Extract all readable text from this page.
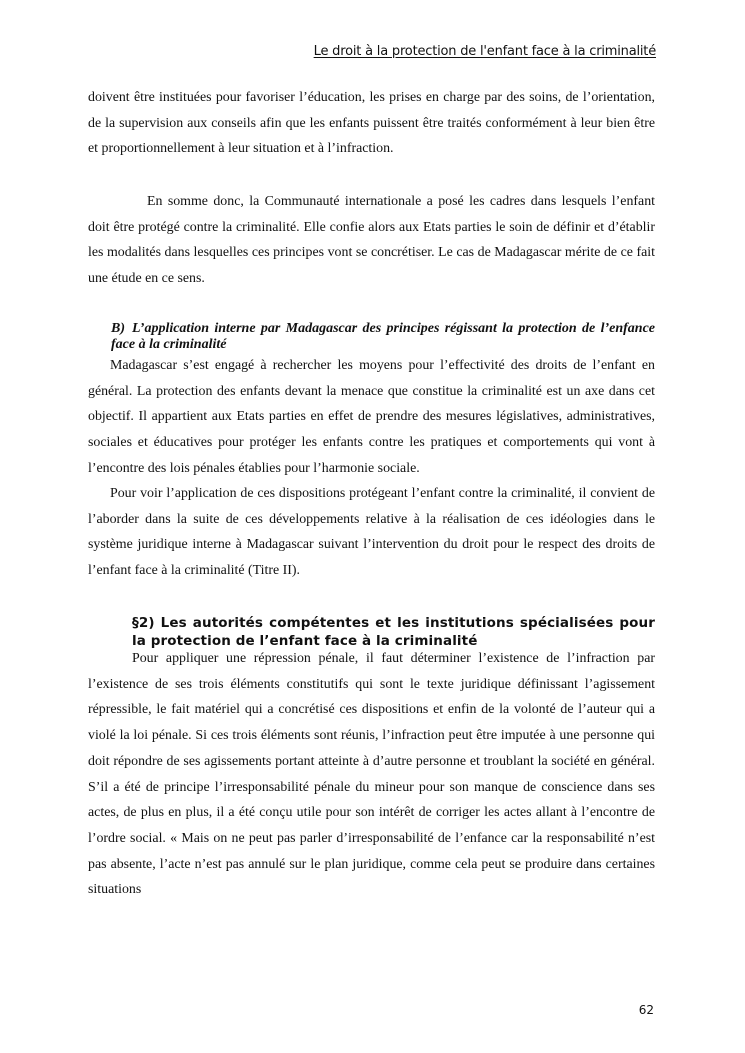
Le droit à la protection de l'enfant face à la criminalité

doivent être instituées pour favoriser l’éducation, les prises en charge par des soins, de l’orientation, de la supervision aux conseils afin que les enfants puissent être traités conformément à leur bien être et proportionnellement à leur situation et à l’infraction.

En somme donc, la Communauté internationale a posé les cadres dans lesquels l’enfant doit être protégé contre la criminalité. Elle confie alors aux Etats parties le soin de définir et d’établir les modalités dans lesquelles ces principes vont se concrétiser. Le cas de Madagascar mérite de ce fait une étude en ce sens.

B) L’application interne par Madagascar des principes régissant la protection de l’enfance face à la criminalité

Madagascar s’est engagé à rechercher les moyens pour l’effectivité des droits de l’enfant en général. La protection des enfants devant la menace que constitue la criminalité est un axe dans cet objectif. Il appartient aux Etats parties en effet de prendre des mesures législatives, administratives, sociales et éducatives pour protéger les enfants contre les pratiques et comportements qui vont à l’encontre des lois pénales établies pour l’harmonie sociale.

Pour voir l’application de ces dispositions protégeant l’enfant contre la criminalité, il convient de l’aborder dans la suite de ces développements relative à la réalisation de ces idéologies dans le système juridique interne à Madagascar suivant l’intervention du droit pour le respect des droits de l’enfant face à la criminalité (Titre II).

§2) Les autorités compétentes et les institutions spécialisées pour la protection de l’enfant face à la criminalité

Pour appliquer une répression pénale, il faut déterminer l’existence de l’infraction par l’existence de ses trois éléments constitutifs qui sont le texte juridique définissant l’agissement répressible, le fait matériel qui a concrétisé ces dispositions et enfin de la volonté de l’auteur qui a violé la loi pénale. Si ces trois éléments sont réunis, l’infraction peut être imputée à une personne qui doit répondre de ses agissements portant atteinte à d’autre personne et troublant la société en général. S’il a été de principe l’irresponsabilité pénale du mineur pour son manque de conscience dans ses actes, de plus en plus, il a été conçu utile pour son intérêt de corriger les actes allant à l’encontre de l’ordre social. « Mais on ne peut pas parler d’irresponsabilité de l’enfance car la responsabilité n’est pas absente, l’acte n’est pas annulé sur le plan juridique, comme cela peut se produire dans certaines situations

62
